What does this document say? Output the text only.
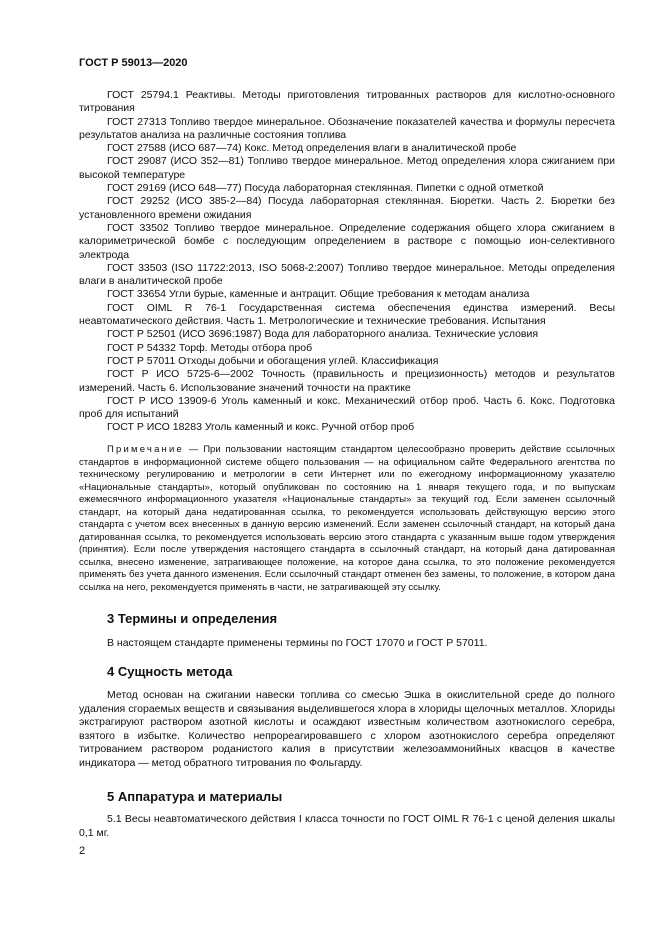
ГОСТ Р 59013—2020

ГОСТ 25794.1 Реактивы. Методы приготовления титрованных растворов для кислотно-основного титрования

ГОСТ 27313 Топливо твердое минеральное. Обозначение показателей качества и формулы пересчета результатов анализа на различные состояния топлива

ГОСТ 27588 (ИСО 687—74) Кокс. Метод определения влаги в аналитической пробе

ГОСТ 29087 (ИСО 352—81) Топливо твердое минеральное. Метод определения хлора сжиганием при высокой температуре

ГОСТ 29169 (ИСО 648—77) Посуда лабораторная стеклянная. Пипетки с одной отметкой

ГОСТ 29252 (ИСО 385-2—84) Посуда лабораторная стеклянная. Бюретки. Часть 2. Бюретки без установленного времени ожидания

ГОСТ 33502 Топливо твердое минеральное. Определение содержания общего хлора сжиганием в калориметрической бомбе с последующим определением в растворе с помощью ион-селективного электрода

ГОСТ 33503 (ISO 11722:2013, ISO 5068-2:2007) Топливо твердое минеральное. Методы определения влаги в аналитической пробе

ГОСТ 33654 Угли бурые, каменные и антрацит. Общие требования к методам анализа

ГОСТ OIML R 76-1 Государственная система обеспечения единства измерений. Весы неавтоматического действия. Часть 1. Метрологические и технические требования. Испытания

ГОСТ Р 52501 (ИСО 3696:1987) Вода для лабораторного анализа. Технические условия

ГОСТ Р 54332 Торф. Методы отбора проб

ГОСТ Р 57011 Отходы добычи и обогащения углей. Классификация

ГОСТ Р ИСО 5725-6—2002 Точность (правильность и прецизионность) методов и результатов измерений. Часть 6. Использование значений точности на практике

ГОСТ Р ИСО 13909-6 Уголь каменный и кокс. Механический отбор проб. Часть 6. Кокс. Подготовка проб для испытаний

ГОСТ Р ИСО 18283 Уголь каменный и кокс. Ручной отбор проб

Примечание — При пользовании настоящим стандартом целесообразно проверить действие ссылочных стандартов в информационной системе общего пользования — на официальном сайте Федерального агентства по техническому регулированию и метрологии в сети Интернет или по ежегодному информационному указателю «Национальные стандарты», который опубликован по состоянию на 1 января текущего года, и по выпускам ежемесячного информационного указателя «Национальные стандарты» за текущий год. Если заменен ссылочный стандарт, на который дана недатированная ссылка, то рекомендуется использовать действующую версию этого стандарта с учетом всех внесенных в данную версию изменений. Если заменен ссылочный стандарт, на который дана датированная ссылка, то рекомендуется использовать версию этого стандарта с указанным выше годом утверждения (принятия). Если после утверждения настоящего стандарта в ссылочный стандарт, на который дана датированная ссылка, внесено изменение, затрагивающее положение, на которое дана ссылка, то это положение рекомендуется применять без учета данного изменения. Если ссылочный стандарт отменен без замены, то положение, в котором дана ссылка на него, рекомендуется применять в части, не затрагивающей эту ссылку.

3 Термины и определения

В настоящем стандарте применены термины по ГОСТ 17070 и ГОСТ Р 57011.

4 Сущность метода

Метод основан на сжигании навески топлива со смесью Эшка в окислительной среде до полного удаления сгораемых веществ и связывания выделившегося хлора в хлориды щелочных металлов. Хлориды экстрагируют раствором азотной кислоты и осаждают известным количеством азотнокислого серебра, взятого в избытке. Количество непрореагировавшего с хлором азотнокислого серебра определяют титрованием раствором роданистого калия в присутствии железоаммонийных квасцов в качестве индикатора — метод обратного титрования по Фольгарду.

5 Аппаратура и материалы

5.1 Весы неавтоматического действия I класса точности по ГОСТ OIML R 76-1 с ценой деления шкалы 0,1 мг.

2
